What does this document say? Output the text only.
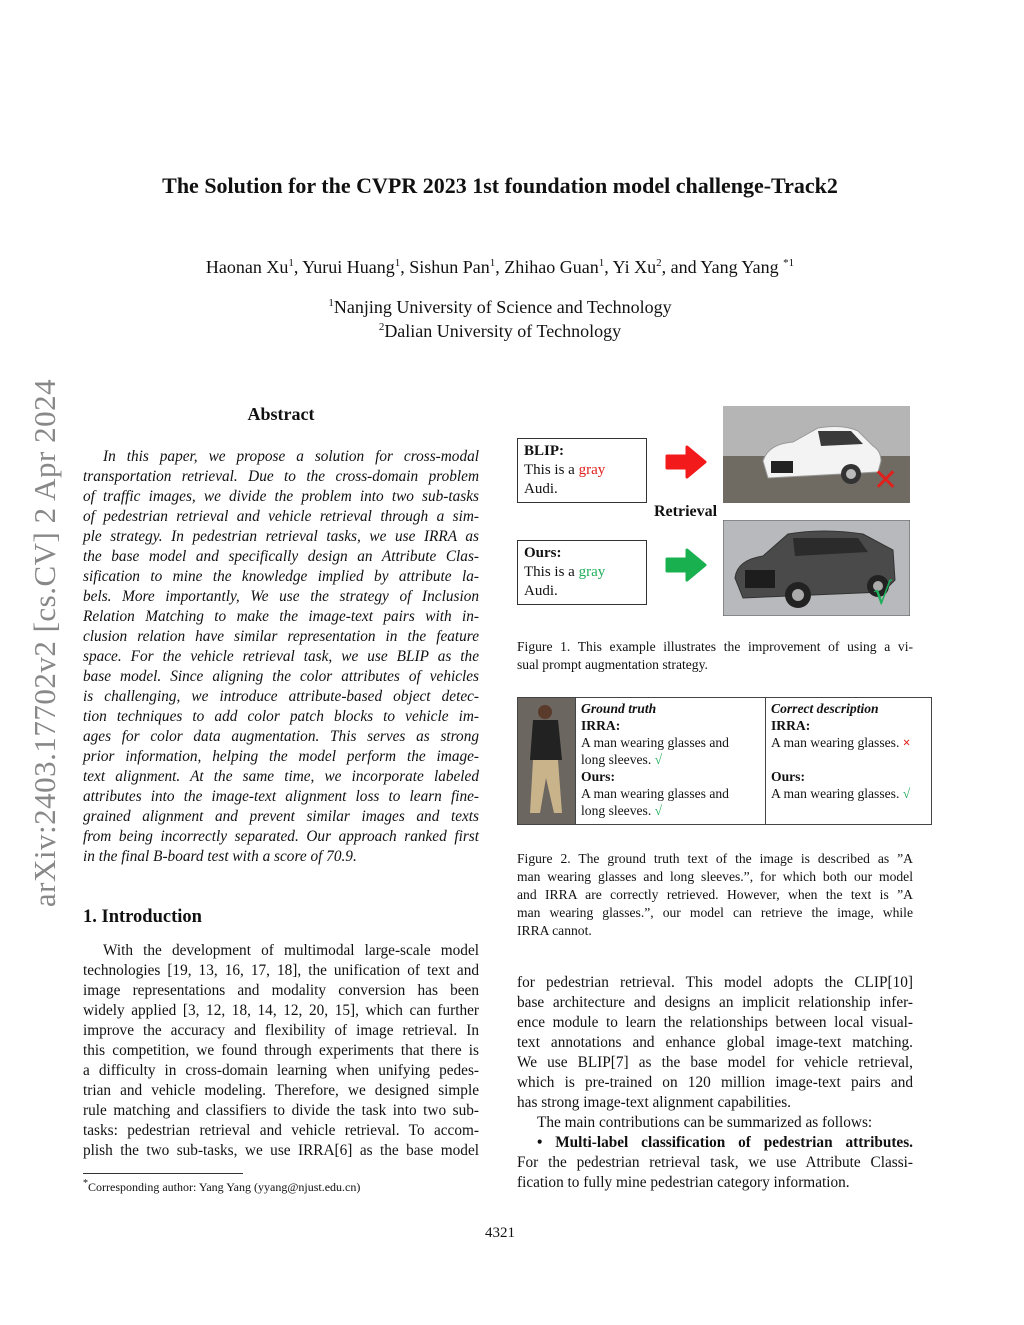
arXiv:2403.17702v2 [cs.CV] 2 Apr 2024
The Solution for the CVPR 2023 1st foundation model challenge-Track2
Haonan Xu$^1$, Yurui Huang$^1$, Sishun Pan$^1$, Zhihao Guan$^1$, Yi Xu$^2$, and Yang Yang $^{*1}$
$^1$Nanjing University of Science and Technology
$^2$Dalian University of Technology
Abstract
In this paper, we propose a solution for cross-modal
transportation retrieval. Due to the cross-domain problem
of traffic images, we divide the problem into two sub-tasks
of pedestrian retrieval and vehicle retrieval through a sim-
ple strategy. In pedestrian retrieval tasks, we use IRRA as
the base model and specifically design an Attribute Clas-
sification to mine the knowledge implied by attribute la-
bels. More importantly, We use the strategy of Inclusion
Relation Matching to make the image-text pairs with in-
clusion relation have similar representation in the feature
space. For the vehicle retrieval task, we use BLIP as the
base model. Since aligning the color attributes of vehicles
is challenging, we introduce attribute-based object detec-
tion techniques to add color patch blocks to vehicle im-
ages for color data augmentation. This serves as strong
prior information, helping the model perform the image-
text alignment. At the same time, we incorporate labeled
attributes into the image-text alignment loss to learn fine-
grained alignment and prevent similar images and texts
from being incorrectly separated. Our approach ranked first
in the final B-board test with a score of 70.9.
1. Introduction
With the development of multimodal large-scale model
technologies [19, 13, 16, 17, 18], the unification of text and
image representations and modality conversion has been
widely applied [3, 12, 18, 14, 12, 20, 15], which can further
improve the accuracy and flexibility of image retrieval. In
this competition, we found through experiments that there is
a difficulty in cross-domain learning when unifying pedes-
trian and vehicle modeling. Therefore, we designed simple
rule matching and classifiers to divide the task into two sub-
tasks: pedestrian retrieval and vehicle retrieval. To accom-
plish the two sub-tasks, we use IRRA[6] as the base model
*Corresponding author: Yang Yang (yyang@njust.edu.cn)
BLIP:
This is a gray Audi.
Ours:
This is a gray Audi.
Retrieval
✕
√
Figure 1. This example illustrates the improvement of using a vi-
sual prompt augmentation strategy.
Ground truth
IRRA:
A man wearing glasses and
long sleeves. √
Ours:
A man wearing glasses and
long sleeves. √
Correct description
IRRA:
A man wearing glasses. ×
Ours:
A man wearing glasses. √
Figure 2. The ground truth text of the image is described as ”A
man wearing glasses and long sleeves.”, for which both our model
and IRRA are correctly retrieved. However, when the text is ”A
man wearing glasses.”, our model can retrieve the image, while
IRRA cannot.
for pedestrian retrieval. This model adopts the CLIP[10]
base architecture and designs an implicit relationship infer-
ence module to learn the relationships between local visual-
text annotations and enhance global image-text matching.
We use BLIP[7] as the base model for vehicle retrieval,
which is pre-trained on 120 million image-text pairs and
has strong image-text alignment capabilities.
The main contributions can be summarized as follows:
• Multi-label classification of pedestrian attributes.
For the pedestrian retrieval task, we use Attribute Classi-
fication to fully mine pedestrian category information.
4321
